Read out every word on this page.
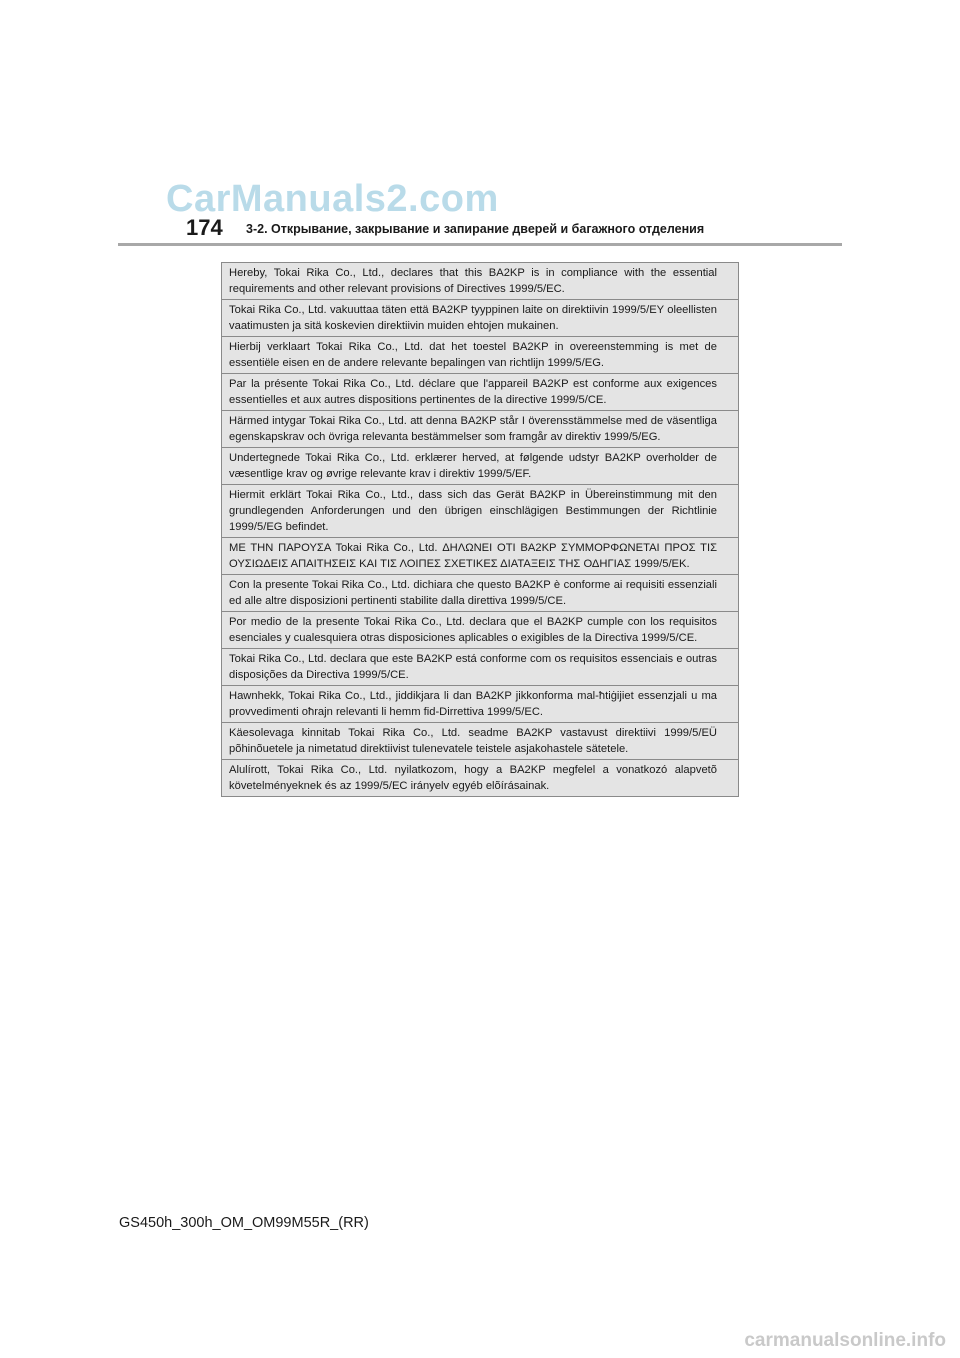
CarManuals2.com
174 3-2. Открывание, закрывание и запирание дверей и багажного отделения
Hereby, Tokai Rika Co., Ltd., declares that this BA2KP is in compliance with the essential requirements and other relevant provisions of Directives 1999/5/EC.
Tokai Rika Co., Ltd. vakuuttaa täten että BA2KP tyyppinen laite on direktiivin 1999/5/EY oleellisten vaatimusten ja sitä koskevien direktiivin muiden ehtojen mukainen.
Hierbij verklaart Tokai Rika Co., Ltd. dat het toestel BA2KP in overeenstemming is met de essentiële eisen en de andere relevante bepalingen van richtlijn 1999/5/EG.
Par la présente Tokai Rika Co., Ltd. déclare que l'appareil BA2KP est conforme aux exigences essentielles et aux autres dispositions pertinentes de la directive 1999/5/CE.
Härmed intygar Tokai Rika Co., Ltd. att denna BA2KP står I överensstämmelse med de väsentliga egenskapskrav och övriga relevanta bestämmelser som framgår av direktiv 1999/5/EG.
Undertegnede Tokai Rika Co., Ltd. erklærer herved, at følgende udstyr BA2KP overholder de væsentlige krav og øvrige relevante krav i direktiv 1999/5/EF.
Hiermit erklärt Tokai Rika Co., Ltd., dass sich das Gerät BA2KP in Übereinstimmung mit den grundlegenden Anforderungen und den übrigen einschlägigen Bestimmungen der Richtlinie 1999/5/EG befindet.
ΜΕ ΤΗΝ ΠΑΡΟΥΣΑ Tokai Rika Co., Ltd. ΔΗΛΩΝΕΙ ΟΤΙ BA2KP ΣΥΜΜΟΡΦΩΝΕΤΑΙ ΠΡΟΣ ΤΙΣ ΟΥΣΙΩΔΕΙΣ ΑΠΑΙΤΗΣΕΙΣ ΚΑΙ ΤΙΣ ΛΟΙΠΕΣ ΣΧΕΤΙΚΕΣ ΔΙΑΤΑΞΕΙΣ ΤΗΣ ΟΔΗΓΙΑΣ 1999/5/ΕΚ.
Con la presente Tokai Rika Co., Ltd. dichiara che questo BA2KP è conforme ai requisiti essenziali ed alle altre disposizioni pertinenti stabilite dalla direttiva 1999/5/CE.
Por medio de la presente Tokai Rika Co., Ltd. declara que el BA2KP cumple con los requisitos esenciales y cualesquiera otras disposiciones aplicables o exigibles de la Directiva 1999/5/CE.
Tokai Rika Co., Ltd. declara que este BA2KP está conforme com os requisitos essenciais e outras disposições da Directiva 1999/5/CE.
Hawnhekk, Tokai Rika Co., Ltd., jiddikjara li dan BA2KP jikkonforma mal-ħtiġijiet essenzjali u ma provvedimenti oħrajn relevanti li hemm fid-Dirrettiva 1999/5/EC.
Käesolevaga kinnitab Tokai Rika Co., Ltd. seadme BA2KP vastavust direktiivi 1999/5/EÜ põhinõuetele ja nimetatud direktiivist tulenevatele teistele asjakohastele sätetele.
Alulírott, Tokai Rika Co., Ltd. nyilatkozom, hogy a BA2KP megfelel a vonatkozó alapvetõ követelményeknek és az 1999/5/EC irányelv egyéb elõírásainak.
GS450h_300h_OM_OM99M55R_(RR)
carmanualsonline.info
